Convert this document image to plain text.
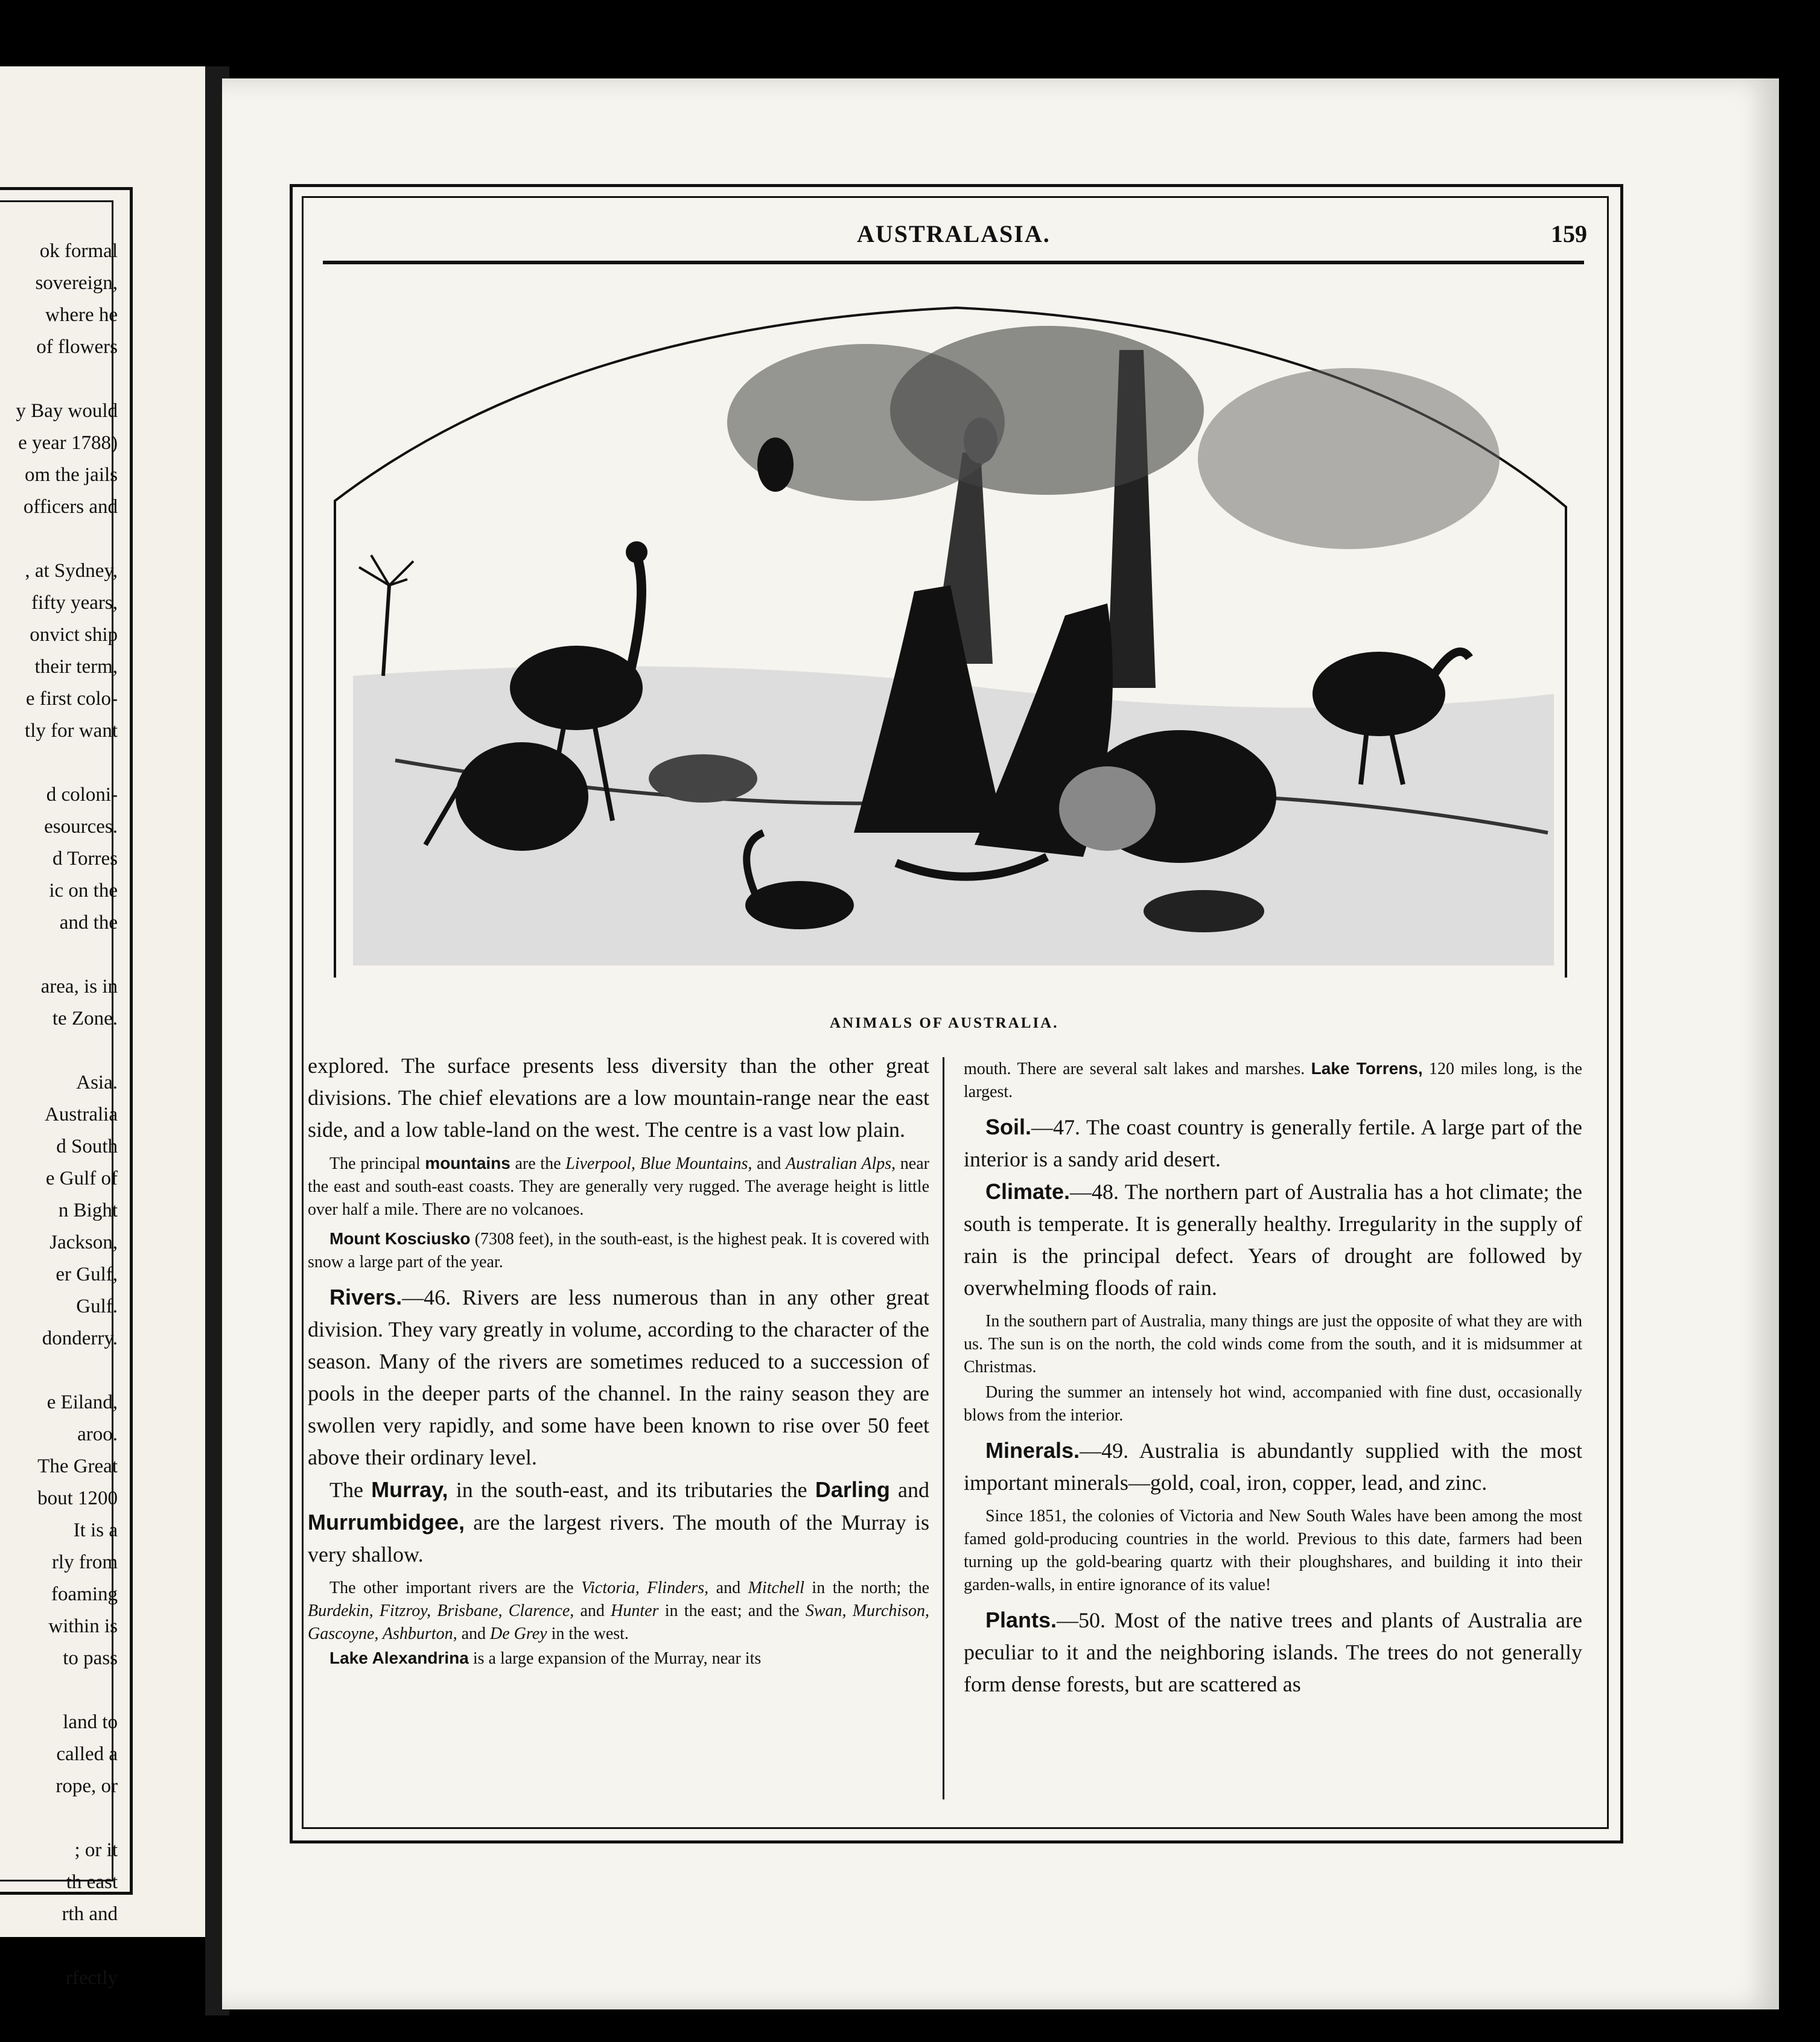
ok formal
sovereign,
where he
of flowers

y Bay would
e year 1788)
om the jails
officers and

, at Sydney,
fifty years,
onvict ship
their term,
e first colo-
tly for want

d coloni-
esources.
d Torres
ic on the
and the

area, is in
te Zone.

Asia.
Australia
d South
e Gulf of
n Bight
Jackson,
er Gulf,
Gulf.
donderry.

e Eiland,
aroo.
The Great
bout 1200
It is a
rly from
foaming
within is
to pass

land to
called a
rope, or

; or it
th east
rth and

rfectly
AUSTRALASIA.	159
ANIMALS OF AUSTRALIA.

explored. The surface presents less diversity than the other great divisions. The chief elevations are a low mountain-range near the east side, and a low table-land on the west. The centre is a vast low plain.

The principal mountains are the Liverpool, Blue Mountains, and Australian Alps, near the east and south-east coasts. They are generally very rugged. The average height is little over half a mile. There are no volcanoes.

Mount Kosciusko (7308 feet), in the south-east, is the highest peak. It is covered with snow a large part of the year.

Rivers.—46. Rivers are less numerous than in any other great division. They vary greatly in volume, according to the character of the season. Many of the rivers are sometimes reduced to a succession of pools in the deeper parts of the channel. In the rainy season they are swollen very rapidly, and some have been known to rise over 50 feet above their ordinary level.

The Murray, in the south-east, and its tributaries the Darling and Murrumbidgee, are the largest rivers. The mouth of the Murray is very shallow.

The other important rivers are the Victoria, Flinders, and Mitchell in the north; the Burdekin, Fitzroy, Brisbane, Clarence, and Hunter in the east; and the Swan, Murchison, Gascoyne, Ashburton, and De Grey in the west.

Lake Alexandrina is a large expansion of the Murray, near its

mouth. There are several salt lakes and marshes. Lake Torrens, 120 miles long, is the largest.

Soil.—47. The coast country is generally fertile. A large part of the interior is a sandy arid desert.

Climate.—48. The northern part of Australia has a hot climate; the south is temperate. It is generally healthy. Irregularity in the supply of rain is the principal defect. Years of drought are followed by overwhelming floods of rain.

In the southern part of Australia, many things are just the opposite of what they are with us. The sun is on the north, the cold winds come from the south, and it is midsummer at Christmas.

During the summer an intensely hot wind, accompanied with fine dust, occasionally blows from the interior.

Minerals.—49. Australia is abundantly supplied with the most important minerals—gold, coal, iron, copper, lead, and zinc.

Since 1851, the colonies of Victoria and New South Wales have been among the most famed gold-producing countries in the world. Previous to this date, farmers had been turning up the gold-bearing quartz with their ploughshares, and building it into their garden-walls, in entire ignorance of its value!

Plants.—50. Most of the native trees and plants of Australia are peculiar to it and the neighboring islands. The trees do not generally form dense forests, but are scattered as
